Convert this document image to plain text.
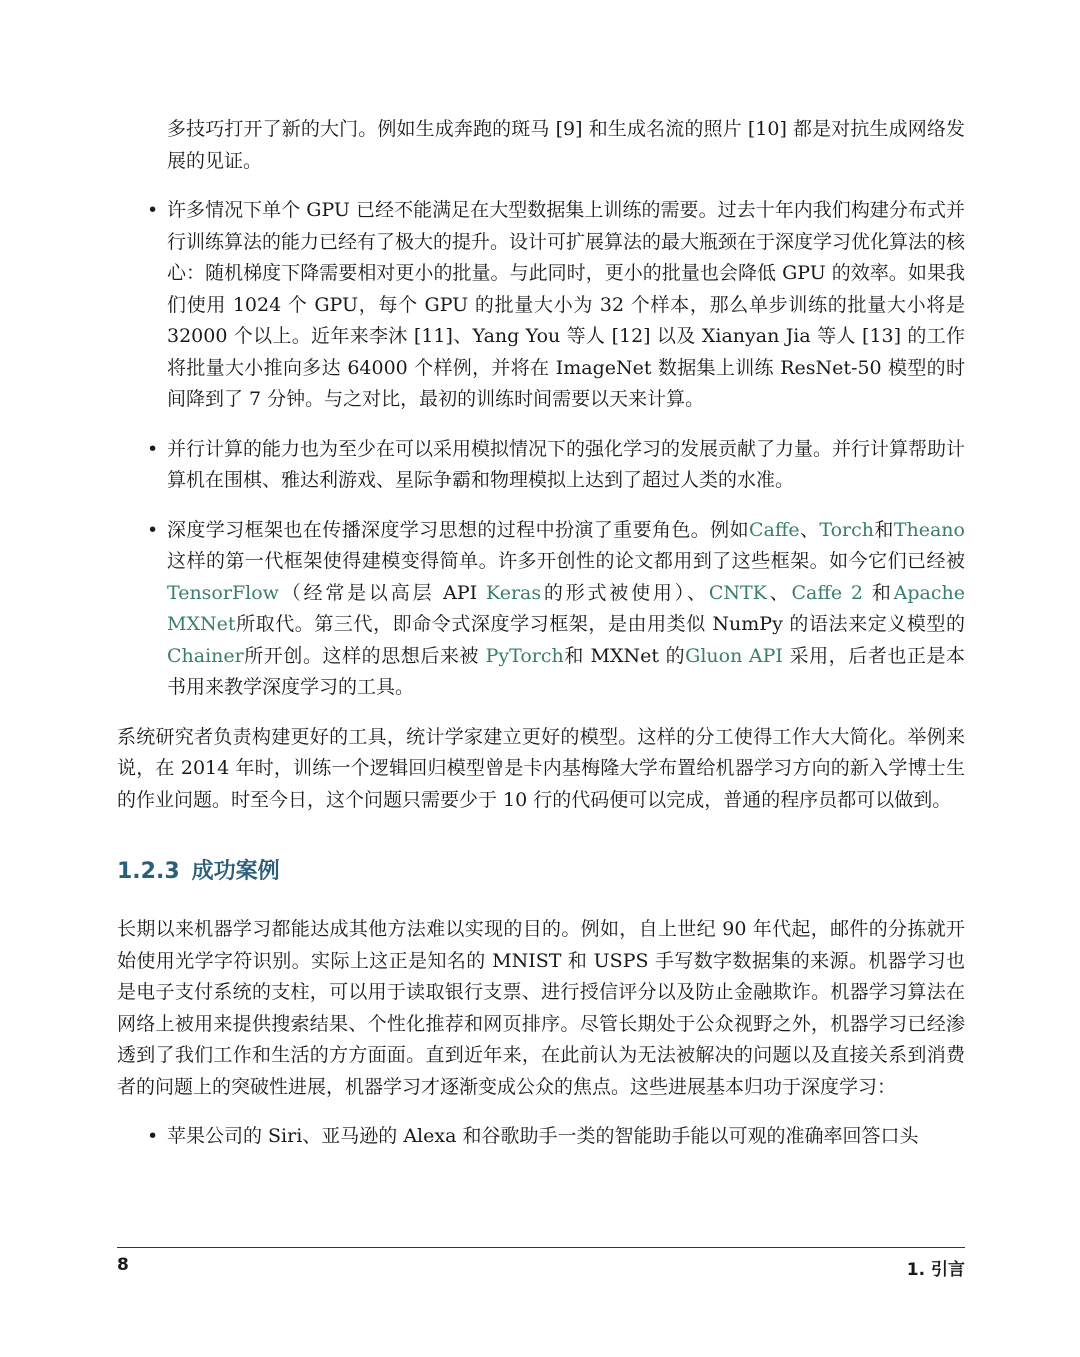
多技巧打开了新的大门。例如生成奔跑的斑马 [9] 和生成名流的照片 [10] 都是对抗生成网络发展的见证。

• 许多情况下单个 GPU 已经不能满足在大型数据集上训练的需要。过去十年内我们构建分布式并行训练算法的能力已经有了极大的提升。设计可扩展算法的最大瓶颈在于深度学习优化算法的核心：随机梯度下降需要相对更小的批量。与此同时，更小的批量也会降低 GPU 的效率。如果我们使用 1024 个 GPU，每个 GPU 的批量大小为 32 个样本，那么单步训练的批量大小将是 32000 个以上。近年来李沐 [11]、Yang You 等人 [12] 以及 Xianyan Jia 等人 [13] 的工作将批量大小推向多达 64000 个样例，并将在 ImageNet 数据集上训练 ResNet-50 模型的时间降到了 7 分钟。与之对比，最初的训练时间需要以天来计算。
• 并行计算的能力也为至少在可以采用模拟情况下的强化学习的发展贡献了力量。并行计算帮助计算机在围棋、雅达利游戏、星际争霸和物理模拟上达到了超过人类的水准。
• 深度学习框架也在传播深度学习思想的过程中扮演了重要角色。例如Caffe、Torch和Theano这样的第一代框架使得建模变得简单。许多开创性的论文都用到了这些框架。如今它们已经被TensorFlow（经常是以高层 API Keras的形式被使用）、CNTK、Caffe 2 和Apache MXNet所取代。第三代，即命令式深度学习框架，是由用类似 NumPy 的语法来定义模型的 Chainer所开创。这样的思想后来被 PyTorch和 MXNet 的Gluon API 采用，后者也正是本书用来教学深度学习的工具。

系统研究者负责构建更好的工具，统计学家建立更好的模型。这样的分工使得工作大大简化。举例来说，在 2014 年时，训练一个逻辑回归模型曾是卡内基梅隆大学布置给机器学习方向的新入学博士生的作业问题。时至今日，这个问题只需要少于 10 行的代码便可以完成，普通的程序员都可以做到。

1.2.3 成功案例

长期以来机器学习都能达成其他方法难以实现的目的。例如，自上世纪 90 年代起，邮件的分拣就开始使用光学字符识别。实际上这正是知名的 MNIST 和 USPS 手写数字数据集的来源。机器学习也是电子支付系统的支柱，可以用于读取银行支票、进行授信评分以及防止金融欺诈。机器学习算法在网络上被用来提供搜索结果、个性化推荐和网页排序。尽管长期处于公众视野之外，机器学习已经渗透到了我们工作和生活的方方面面。直到近年来，在此前认为无法被解决的问题以及直接关系到消费者的问题上的突破性进展，机器学习才逐渐变成公众的焦点。这些进展基本归功于深度学习：

• 苹果公司的 Siri、亚马逊的 Alexa 和谷歌助手一类的智能助手能以可观的准确率回答口头
8	1. 引言
